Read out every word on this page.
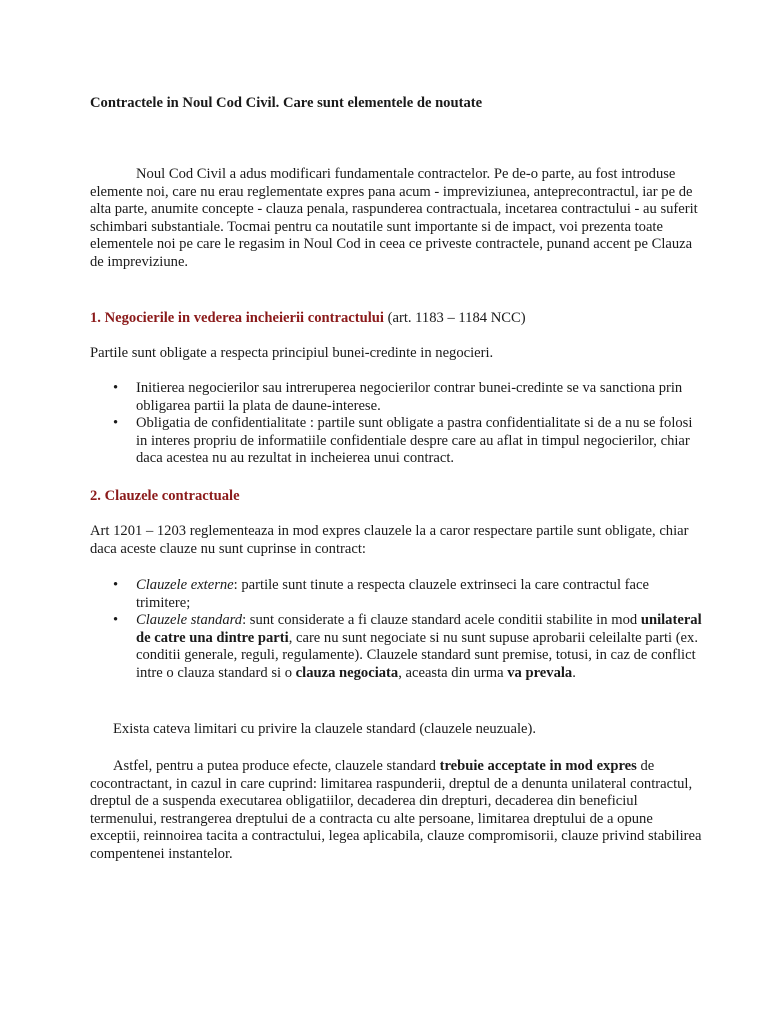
Contractele in Noul Cod Civil. Care sunt elementele de noutate

Noul Cod Civil a adus modificari fundamentale contractelor. Pe de-o parte, au fost introduse elemente noi, care nu erau reglementate expres pana acum - impreviziunea, anteprecontractul, iar pe de alta parte, anumite concepte - clauza penala, raspunderea contractuala, incetarea contractului - au suferit schimbari substantiale. Tocmai pentru ca noutatile sunt importante si de impact, voi prezenta toate elementele noi pe care le regasim in Noul Cod in ceea ce priveste contractele, punand accent pe Clauza de impreviziune.

1. Negocierile in vederea incheierii contractului (art. 1183 – 1184 NCC)

Partile sunt obligate a respecta principiul bunei-credinte in negocieri.

• Initierea negocierilor sau intreruperea negocierilor contrar bunei-credinte se va sanctiona prin obligarea partii la plata de daune-interese.
• Obligatia de confidentialitate : partile sunt obligate a pastra confidentialitate si de a nu se folosi in interes propriu de informatiile confidentiale despre care au aflat in timpul negocierilor, chiar daca acestea nu au rezultat in incheierea unui contract.
2. Clauzele contractuale

Art 1201 – 1203 reglementeaza in mod expres clauzele la a caror respectare partile sunt obligate, chiar daca aceste clauze nu sunt cuprinse in contract:

• Clauzele externe: partile sunt tinute a respecta clauzele extrinseci la care contractul face trimitere;
• Clauzele standard: sunt considerate a fi clauze standard acele conditii stabilite in mod unilateral de catre una dintre parti, care nu sunt negociate si nu sunt supuse aprobarii celeilalte parti (ex. conditii generale, reguli, regulamente). Clauzele standard sunt premise, totusi, in caz de conflict intre o clauza standard si o clauza negociata, aceasta din urma va prevala.

Exista cateva limitari cu privire la clauzele standard (clauzele neuzuale).

Astfel, pentru a putea produce efecte, clauzele standard trebuie acceptate in mod expres de cocontractant, in cazul in care cuprind: limitarea raspunderii, dreptul de a denunta unilateral contractul, dreptul de a suspenda executarea obligatiilor, decaderea din drepturi, decaderea din beneficiul termenului, restrangerea dreptului de a contracta cu alte persoane, limitarea dreptului de a opune exceptii, reinnoirea tacita a contractului, legea aplicabila, clauze compromisorii, clauze privind stabilirea compentenei instantelor.
